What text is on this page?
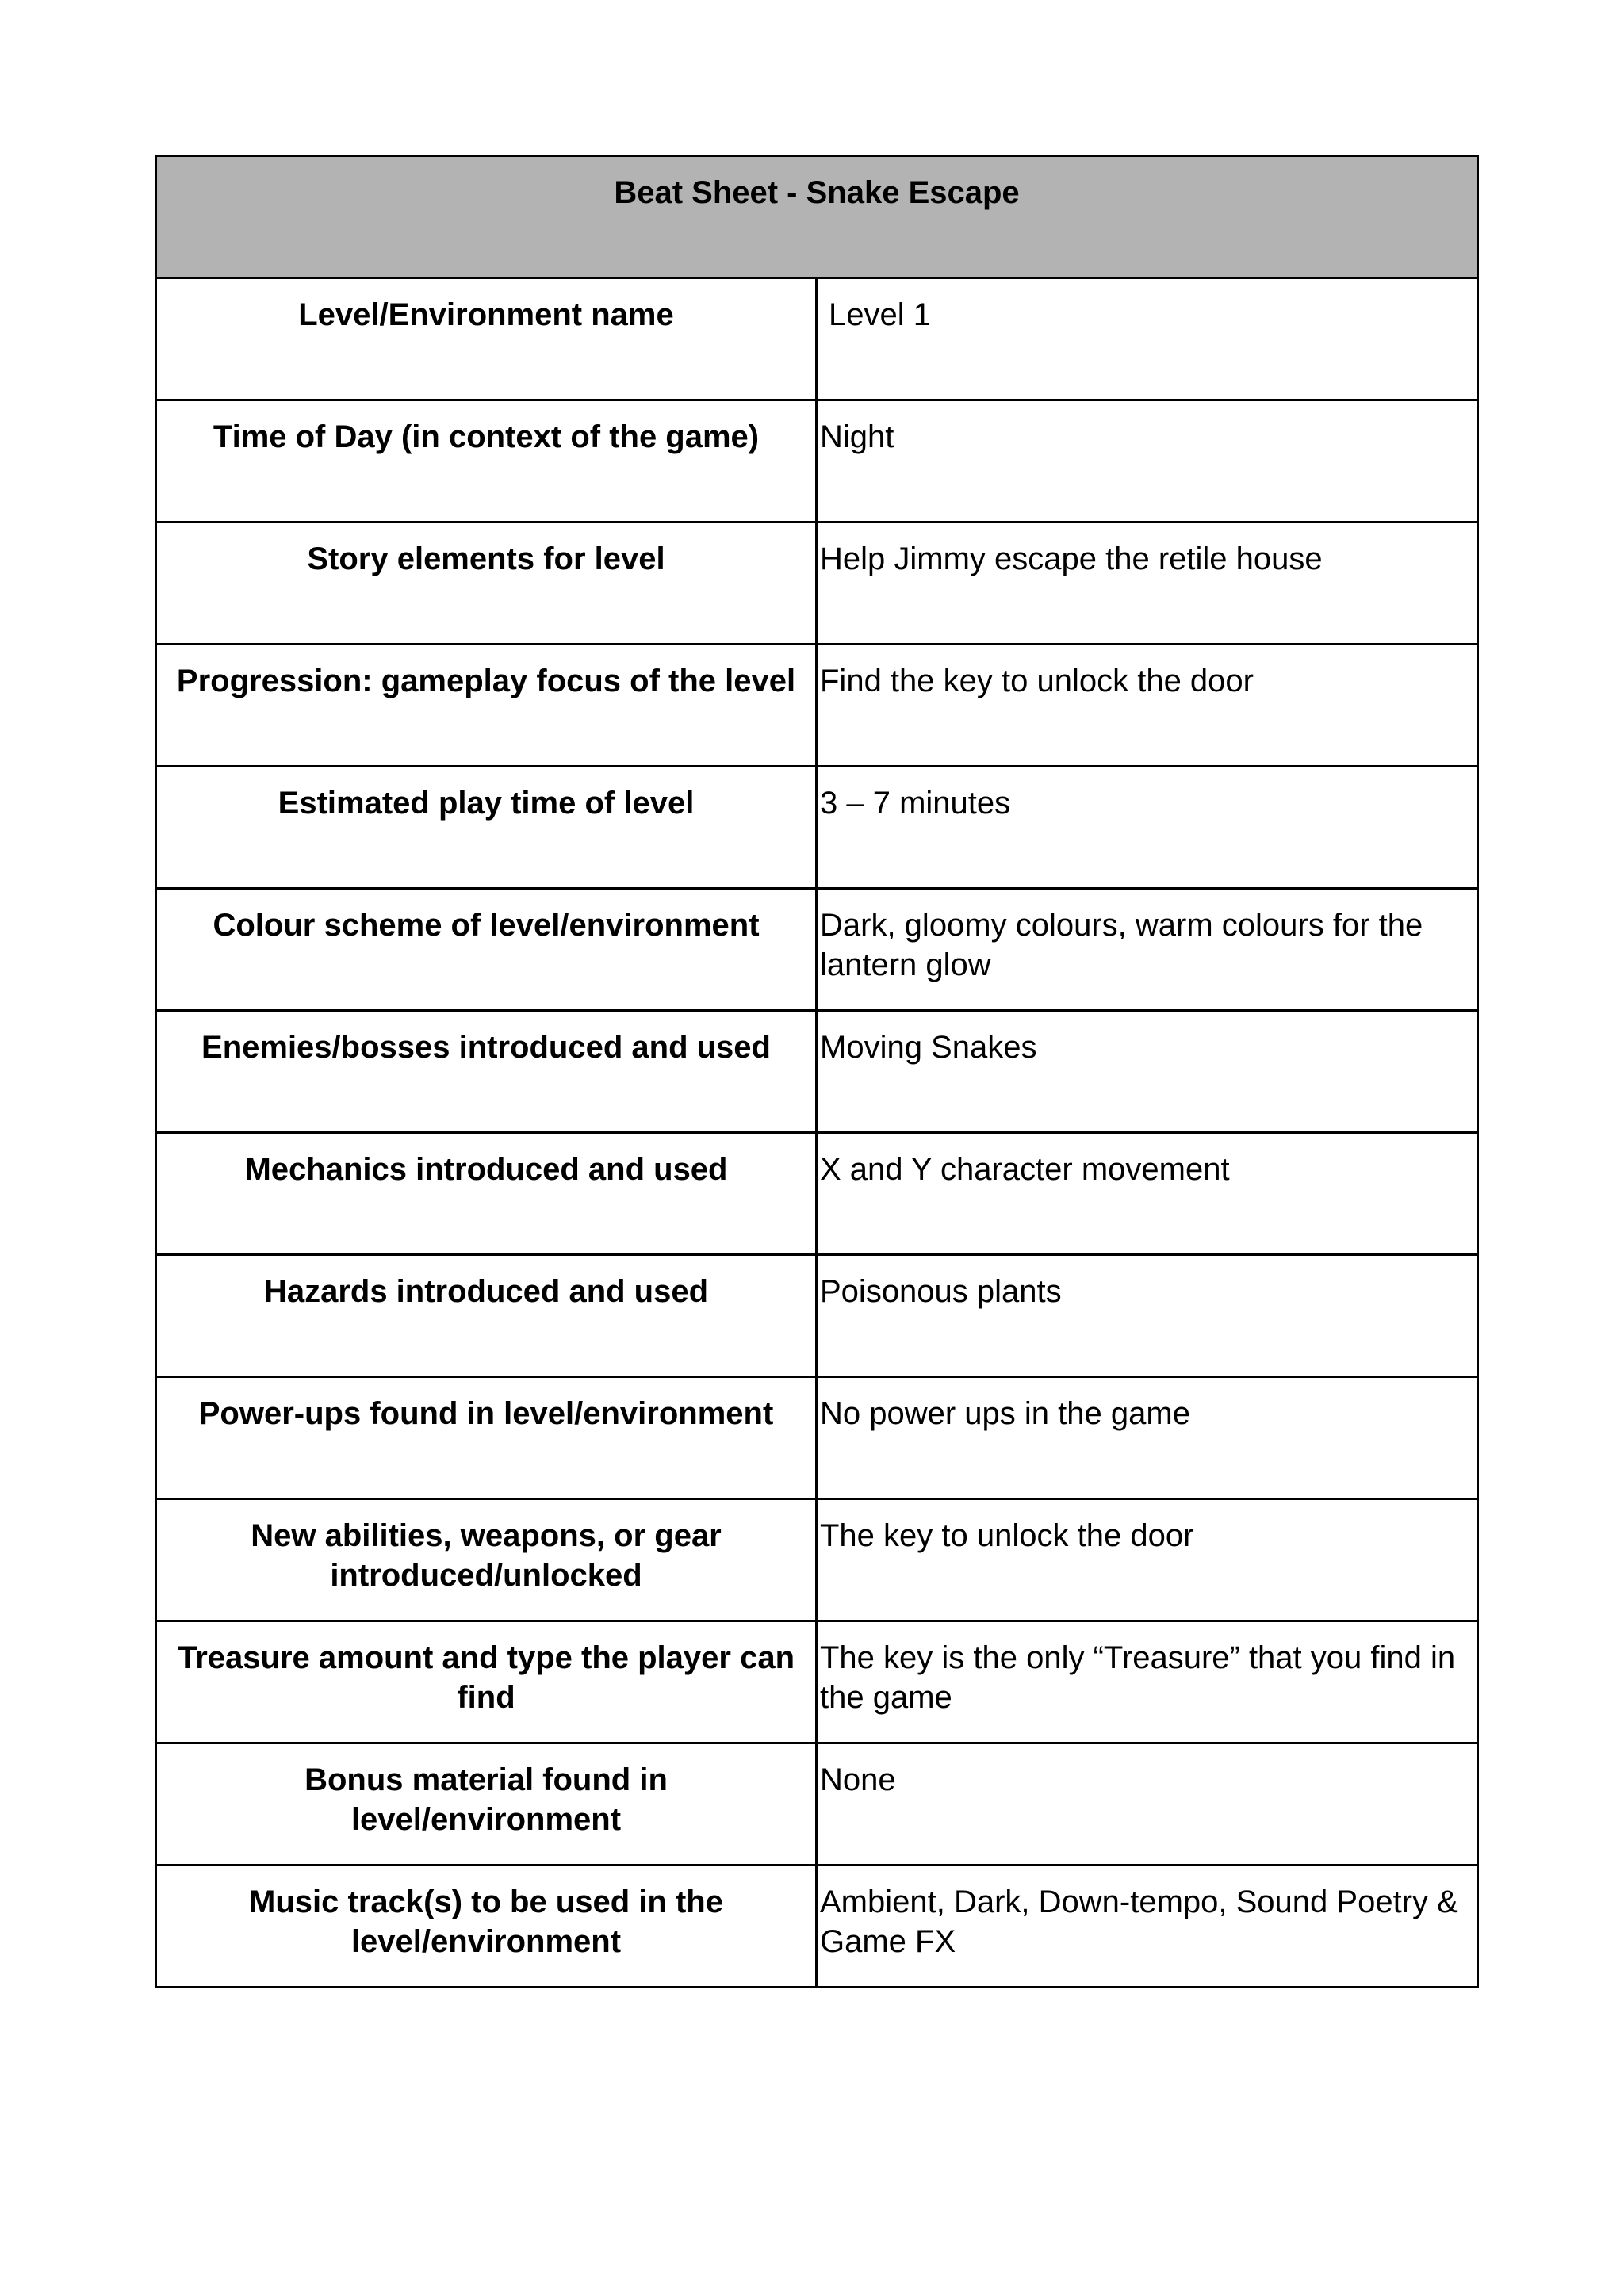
Beat Sheet - Snake Escape	
Level/Environment name	Level 1
Time of Day (in context of the game)	Night
Story elements for level	Help Jimmy escape the retile house
Progression: gameplay focus of the level	Find the key to unlock the door
Estimated play time of level	3 – 7 minutes
Colour scheme of level/environment	Dark, gloomy colours, warm colours for the lantern glow
Enemies/bosses introduced and used	Moving Snakes
Mechanics introduced and used	X and Y character movement
Hazards introduced and used	Poisonous plants
Power-ups found in level/environment	No power ups in the game
New abilities, weapons, or gear introduced/unlocked	The key to unlock the door
Treasure amount and type the player can find	The key is the only “Treasure” that you find in the game
Bonus material found in level/environment	None
Music track(s) to be used in the level/environment	Ambient, Dark, Down-tempo, Sound Poetry & Game FX
